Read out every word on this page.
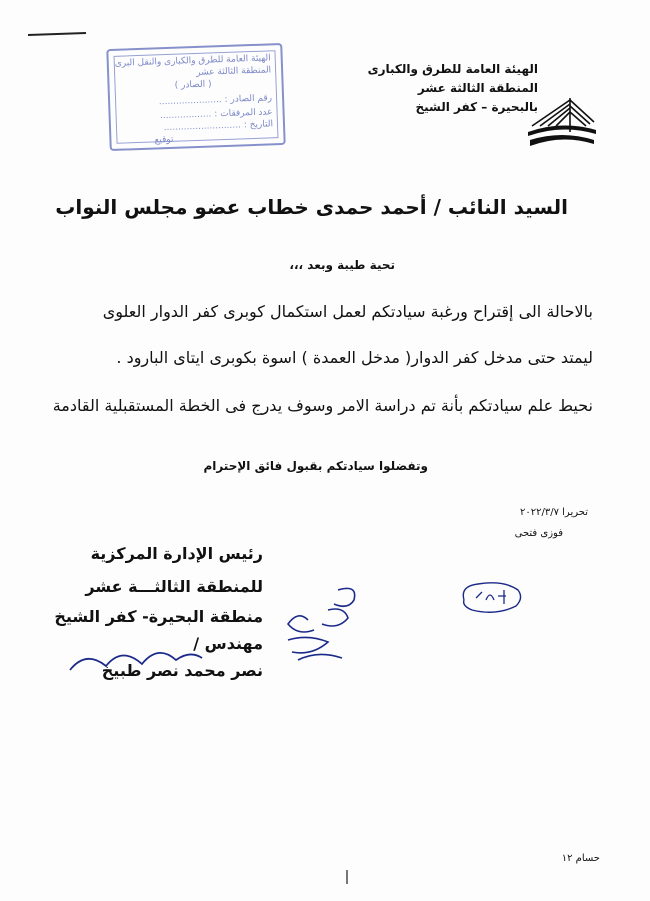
الهيئة العامة للطرق والكبارى
المنطقة الثالثة عشر
بالبحيرة – كفر الشيخ
الهيئة العامة للطرق والكبارى والنقل البرى
المنطقة الثالثة عشر
( الصادر )
رقم الصادر : ......................
عدد المرفقات : ..................
التاريخ : ...........................
توقيع
السيد النائب / أحمد حمدى خطاب عضو مجلس النواب
تحية طيبة وبعد ،،،
بالاحالة الى إقتراح ورغبة سيادتكم لعمل استكمال كوبرى كفر الدوار العلوى
ليمتد حتى مدخل كفر الدوار( مدخل العمدة ) اسوة بكوبرى ايتاى البارود .
نحيط علم سيادتكم بأنة تم دراسة الامر وسوف يدرج فى الخطة المستقبلية القادمة
وتفضلوا سيادتكم بقبول فائق الإحترام
تحريرا ٢٠٢٢/٣/٧
فوزى فتحى
رئيس الإدارة المركزية
للمنطقة الثالثـــة عشر
منطقة البحيرة- كفر الشيخ
مهندس /
نصر محمد نصر طبيخ
حسام ١٢
